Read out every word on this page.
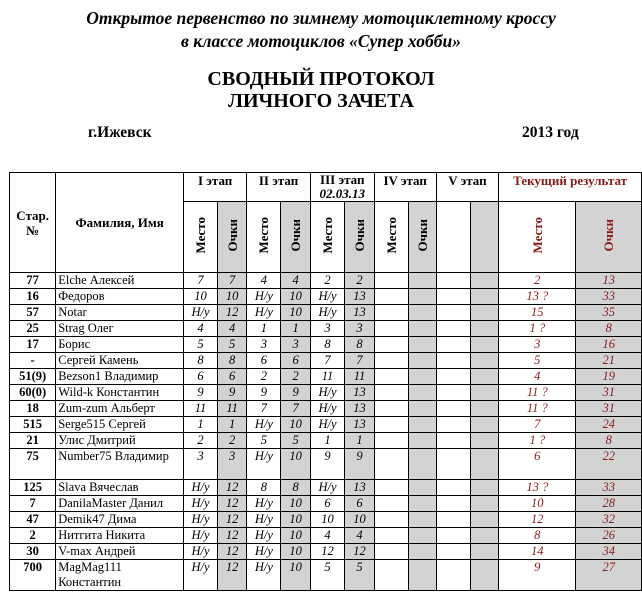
Открытое первенство по зимнему мотоциклетному кроссу
в классе мотоциклов «Супер хобби»
СВОДНЫЙ ПРОТОКОЛ
ЛИЧНОГО ЗАЧЕТА
г.Ижевск	2013 год
Стар. №	Фамилия, Имя	I этап		II этап		III этап
02.03.13		IV этап		V этап		Текущий результат	
		Место	Очки	Место	Очки	Место	Очки	Место	Очки			Место	Очки
77	Elche Алексей	7	7	4	4	2	2					2	13
16	Федоров	10	10	Н/у	10	Н/у	13					13 ?	33
57	Notar	Н/у	12	Н/у	10	Н/у	13					15	35
25	Strag Олег	4	4	1	1	3	3					1 ?	8
17	Борис	5	5	3	3	8	8					3	16
-	Сергей Камень	8	8	6	6	7	7					5	21
51(9)	Bezson1 Владимир	6	6	2	2	11	11					4	19
60(0)	Wild-k Константин	9	9	9	9	Н/у	13					11 ?	31
18	Zum-zum Альберт	11	11	7	7	Н/у	13					11 ?	31
515	Serge515 Сергей	1	1	Н/у	10	Н/у	13					7	24
21	Улис Дмитрий	2	2	5	5	1	1					1 ?	8
75	Number75 Владимир	3	3	Н/у	10	9	9					6	22
125	Slava Вячеслав	Н/у	12	8	8	Н/у	13					13 ?	33
7	DanilaMaster Данил	Н/у	12	Н/у	10	6	6					10	28
47	Demik47 Дима	Н/у	12	Н/у	10	10	10					12	32
2	Нитгита Никита	Н/у	12	Н/у	10	4	4					8	26
30	V-max Андрей	Н/у	12	Н/у	10	12	12					14	34
700	MagMag111 Константин	Н/у	12	Н/у	10	5	5					9	27
